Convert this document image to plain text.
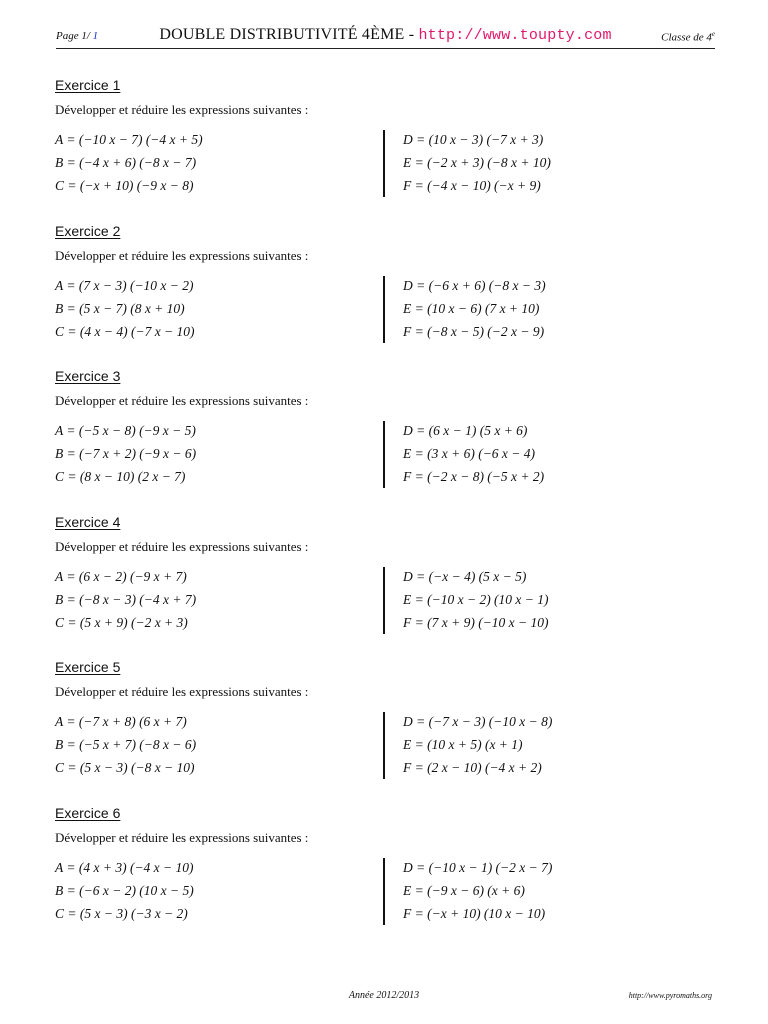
Page 1/ 1	DOUBLE DISTRIBUTIVITÉ 4ÈME - http://www.toupty.com	Classe de 4e
Exercice 1
Développer et réduire les expressions suivantes :
A = (−10 x − 7) (−4 x + 5)
B = (−4 x + 6) (−8 x − 7)
C = (−x + 10) (−9 x − 8)
D = (10 x − 3) (−7 x + 3)
E = (−2 x + 3) (−8 x + 10)
F = (−4 x − 10) (−x + 9)
Exercice 2
Développer et réduire les expressions suivantes :
A = (7 x − 3) (−10 x − 2)
B = (5 x − 7) (8 x + 10)
C = (4 x − 4) (−7 x − 10)
D = (−6 x + 6) (−8 x − 3)
E = (10 x − 6) (7 x + 10)
F = (−8 x − 5) (−2 x − 9)
Exercice 3
Développer et réduire les expressions suivantes :
A = (−5 x − 8) (−9 x − 5)
B = (−7 x + 2) (−9 x − 6)
C = (8 x − 10) (2 x − 7)
D = (6 x − 1) (5 x + 6)
E = (3 x + 6) (−6 x − 4)
F = (−2 x − 8) (−5 x + 2)
Exercice 4
Développer et réduire les expressions suivantes :
A = (6 x − 2) (−9 x + 7)
B = (−8 x − 3) (−4 x + 7)
C = (5 x + 9) (−2 x + 3)
D = (−x − 4) (5 x − 5)
E = (−10 x − 2) (10 x − 1)
F = (7 x + 9) (−10 x − 10)
Exercice 5
Développer et réduire les expressions suivantes :
A = (−7 x + 8) (6 x + 7)
B = (−5 x + 7) (−8 x − 6)
C = (5 x − 3) (−8 x − 10)
D = (−7 x − 3) (−10 x − 8)
E = (10 x + 5) (x + 1)
F = (2 x − 10) (−4 x + 2)
Exercice 6
Développer et réduire les expressions suivantes :
A = (4 x + 3) (−4 x − 10)
B = (−6 x − 2) (10 x − 5)
C = (5 x − 3) (−3 x − 2)
D = (−10 x − 1) (−2 x − 7)
E = (−9 x − 6) (x + 6)
F = (−x + 10) (10 x − 10)
Année 2012/2013	http://www.pyromaths.org
